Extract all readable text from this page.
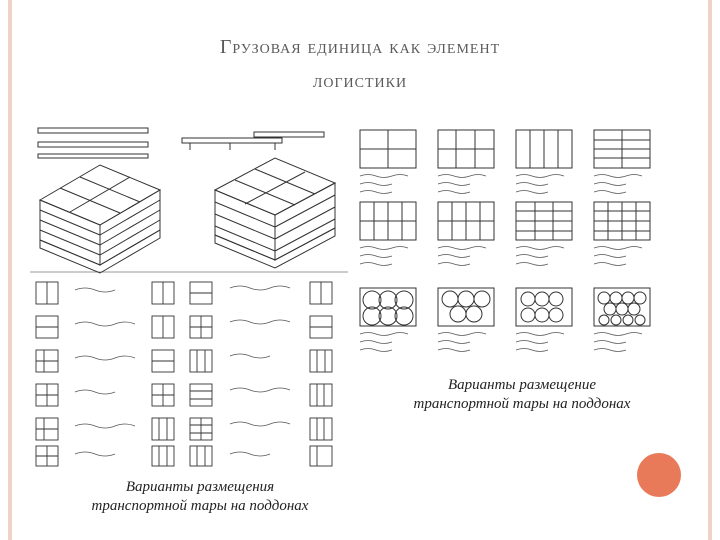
Грузовая единица как элемент
логистики
Варианты размещение
транспортной тары на поддонах
Варианты размещения
транспортной тары на поддонах
